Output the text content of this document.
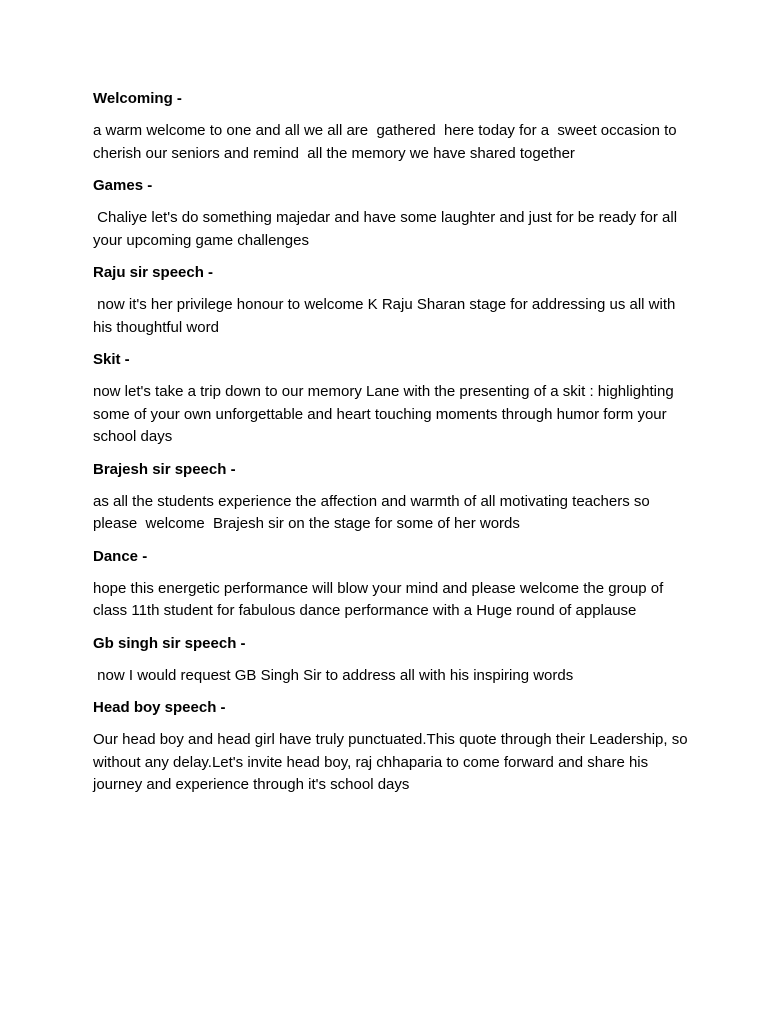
Welcoming -

a warm welcome to one and all we all are  gathered  here today for a  sweet occasion to cherish our seniors and remind  all the memory we have shared together

Games -

Chaliye let's do something majedar and have some laughter and just for be ready for all your upcoming game challenges

Raju sir speech -

now it's her privilege honour to welcome K Raju Sharan stage for addressing us all with his thoughtful word

Skit -

now let's take a trip down to our memory Lane with the presenting of a skit : highlighting some of your own unforgettable and heart touching moments through humor form your school days

Brajesh sir speech -

as all the students experience the affection and warmth of all motivating teachers so please  welcome  Brajesh sir on the stage for some of her words

Dance -

hope this energetic performance will blow your mind and please welcome the group of class 11th student for fabulous dance performance with a Huge round of applause

Gb singh sir speech -

now I would request GB Singh Sir to address all with his inspiring words

Head boy speech -

Our head boy and head girl have truly punctuated.This quote through their Leadership, so without any delay.Let's invite head boy, raj chhaparia to come forward and share his journey and experience through it's school days
